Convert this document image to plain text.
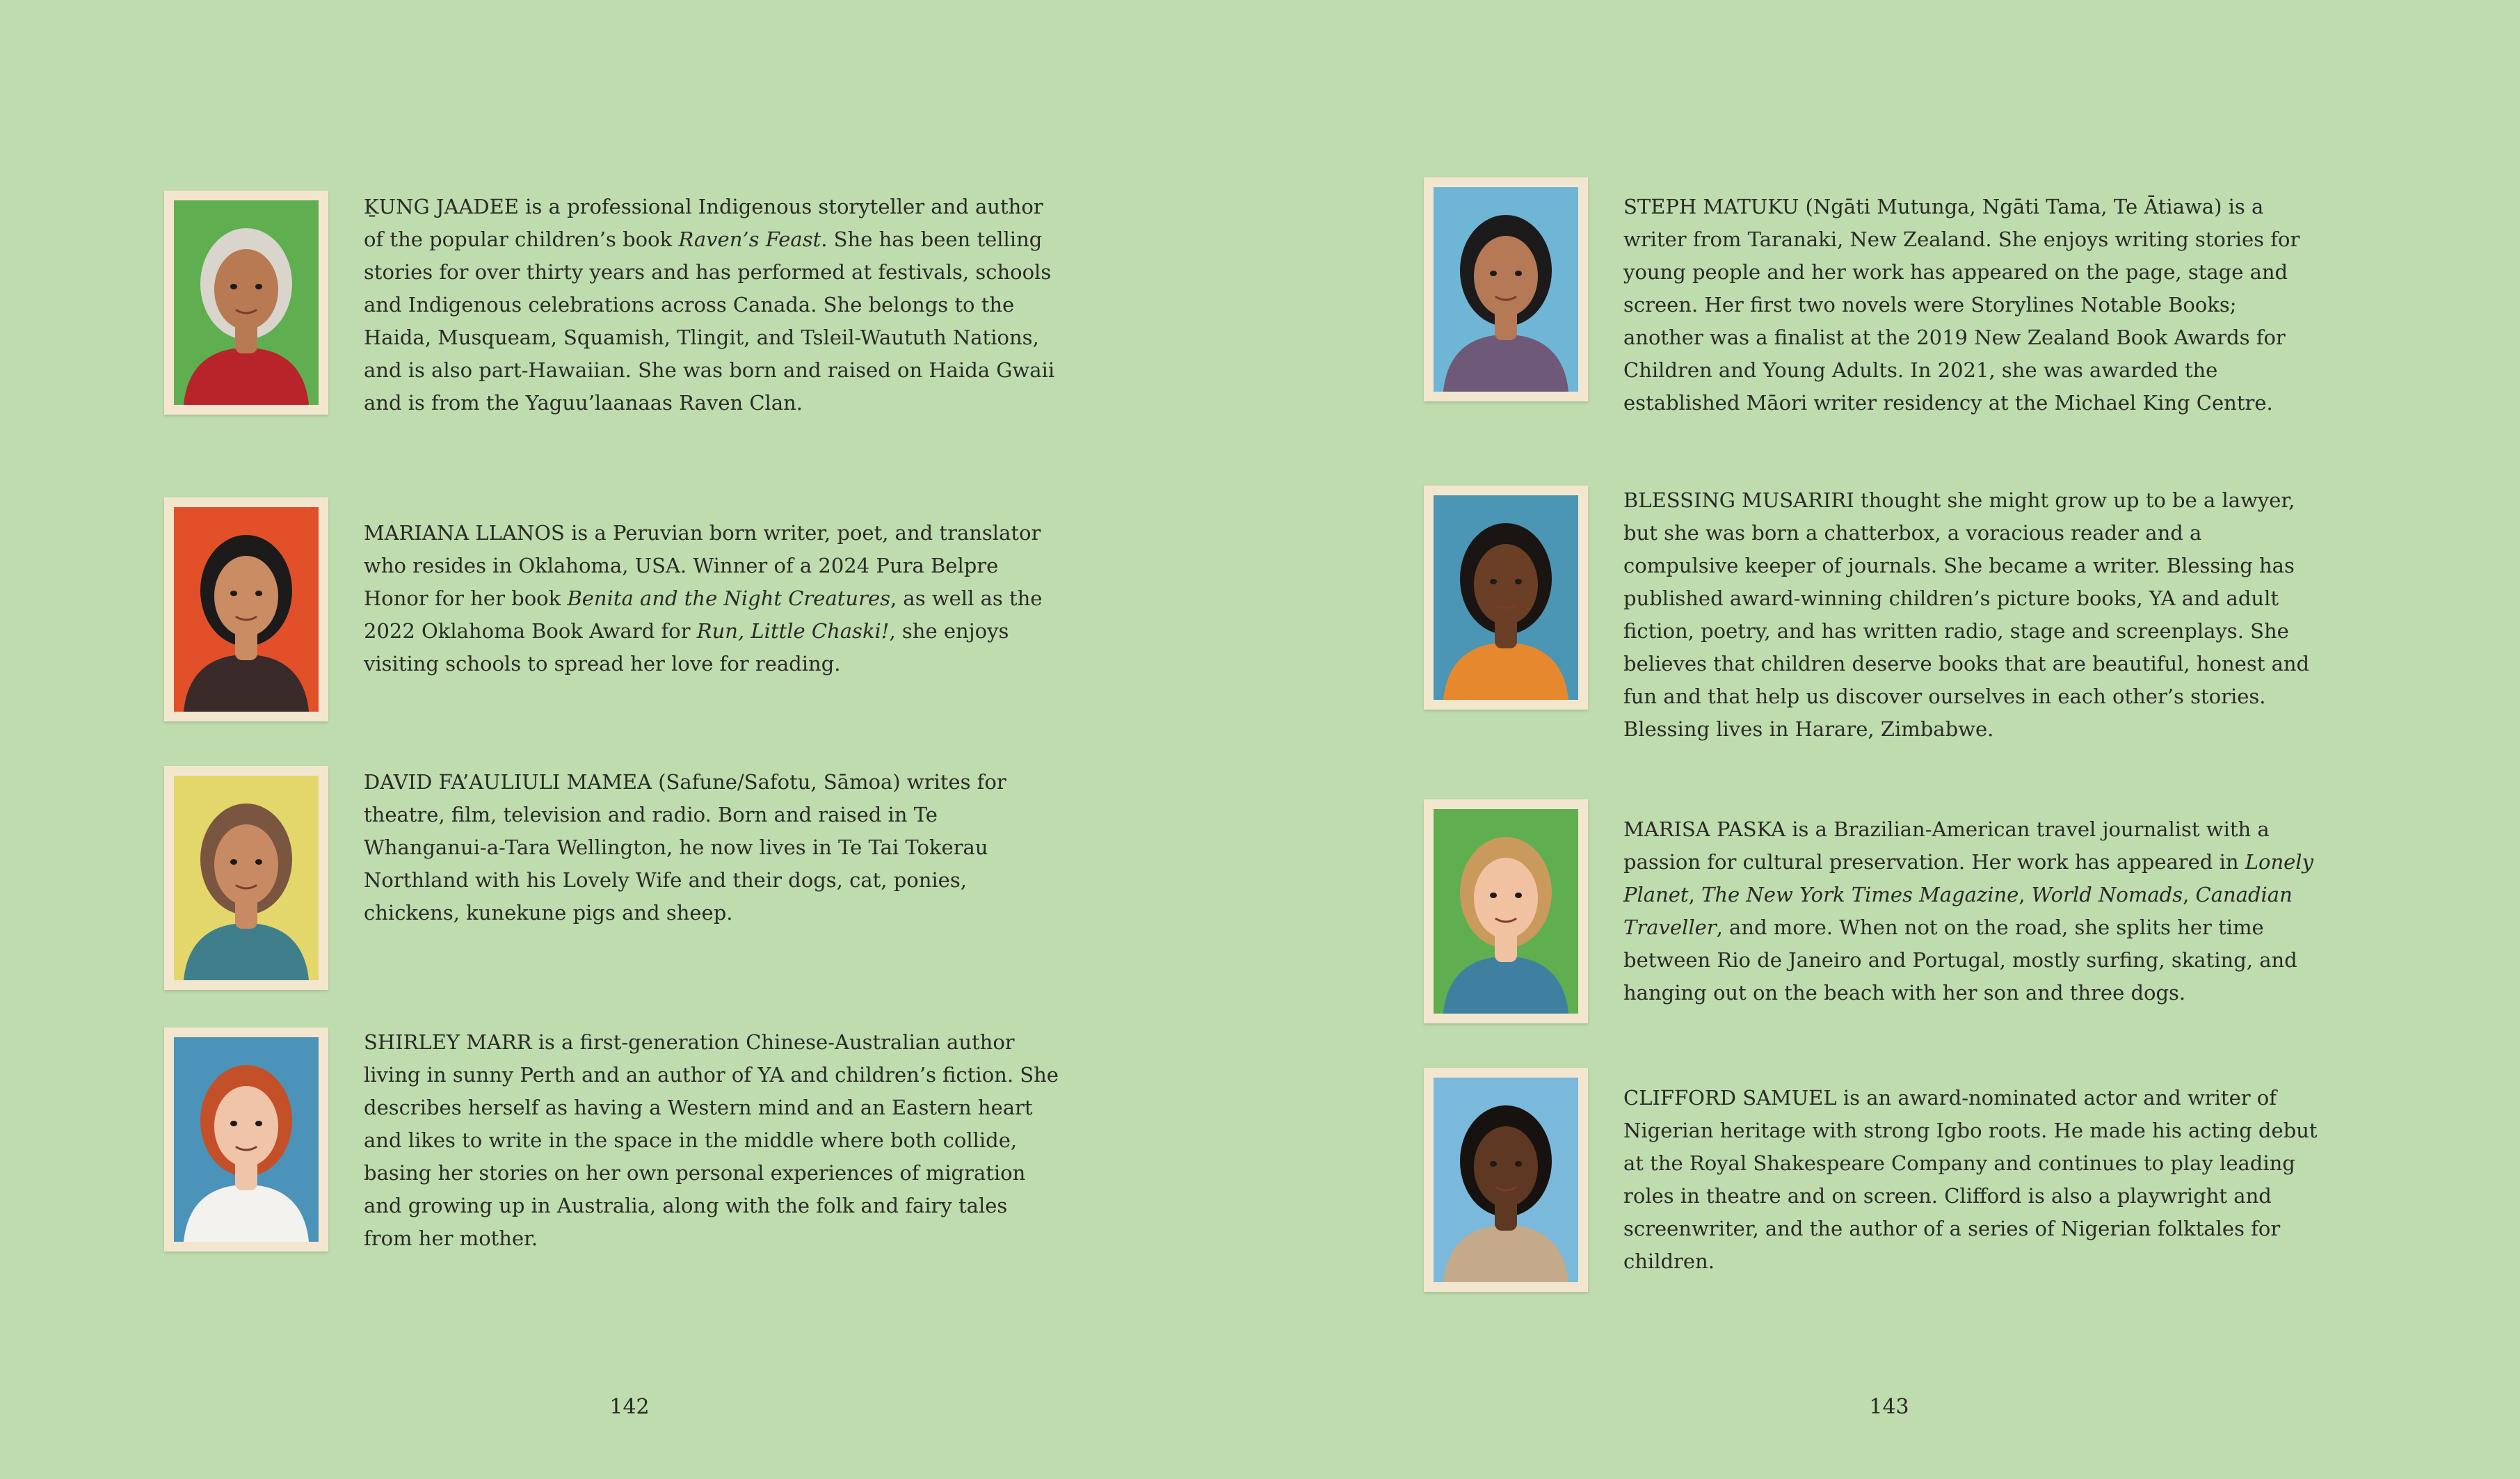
ḴUNG JAADEE is a professional Indigenous storyteller and author of the popular children’s book Raven’s Feast. She has been telling stories for over thirty years and has performed at festivals, schools and Indigenous celebrations across Canada. She belongs to the Haida, Musqueam, Squamish, Tlingit, and Tsleil-Waututh Nations, and is also part-Hawaiian. She was born and raised on Haida Gwaii and is from the Yaguu’laanaas Raven Clan.

MARIANA LLANOS is a Peruvian born writer, poet, and translator who resides in Oklahoma, USA. Winner of a 2024 Pura Belpre Honor for her book Benita and the Night Creatures, as well as the 2022 Oklahoma Book Award for Run, Little Chaski!, she enjoys visiting schools to spread her love for reading.

DAVID FA’AULIULI MAMEA (Safune/Safotu, Sāmoa) writes for theatre, film, television and radio. Born and raised in Te Whanganui-a-Tara Wellington, he now lives in Te Tai Tokerau Northland with his Lovely Wife and their dogs, cat, ponies, chickens, kunekune pigs and sheep.

SHIRLEY MARR is a first-generation Chinese-Australian author living in sunny Perth and an author of YA and children’s fiction. She describes herself as having a Western mind and an Eastern heart and likes to write in the space in the middle where both collide, basing her stories on her own personal experiences of migration and growing up in Australia, along with the folk and fairy tales from her mother.

142

STEPH MATUKU (Ngāti Mutunga, Ngāti Tama, Te Ātiawa) is a writer from Taranaki, New Zealand. She enjoys writing stories for young people and her work has appeared on the page, stage and screen. Her first two novels were Storylines Notable Books; another was a finalist at the 2019 New Zealand Book Awards for Children and Young Adults. In 2021, she was awarded the established Māori writer residency at the Michael King Centre.

BLESSING MUSARIRI thought she might grow up to be a lawyer, but she was born a chatterbox, a voracious reader and a compulsive keeper of journals. She became a writer. Blessing has published award-winning children’s picture books, YA and adult fiction, poetry, and has written radio, stage and screenplays. She believes that children deserve books that are beautiful, honest and fun and that help us discover ourselves in each other’s stories. Blessing lives in Harare, Zimbabwe.

MARISA PASKA is a Brazilian-American travel journalist with a passion for cultural preservation. Her work has appeared in Lonely Planet, The New York Times Magazine, World Nomads, Canadian Traveller, and more. When not on the road, she splits her time between Rio de Janeiro and Portugal, mostly surfing, skating, and hanging out on the beach with her son and three dogs.

CLIFFORD SAMUEL is an award-nominated actor and writer of Nigerian heritage with strong Igbo roots. He made his acting debut at the Royal Shakespeare Company and continues to play leading roles in theatre and on screen. Clifford is also a playwright and screenwriter, and the author of a series of Nigerian folktales for children.

143
